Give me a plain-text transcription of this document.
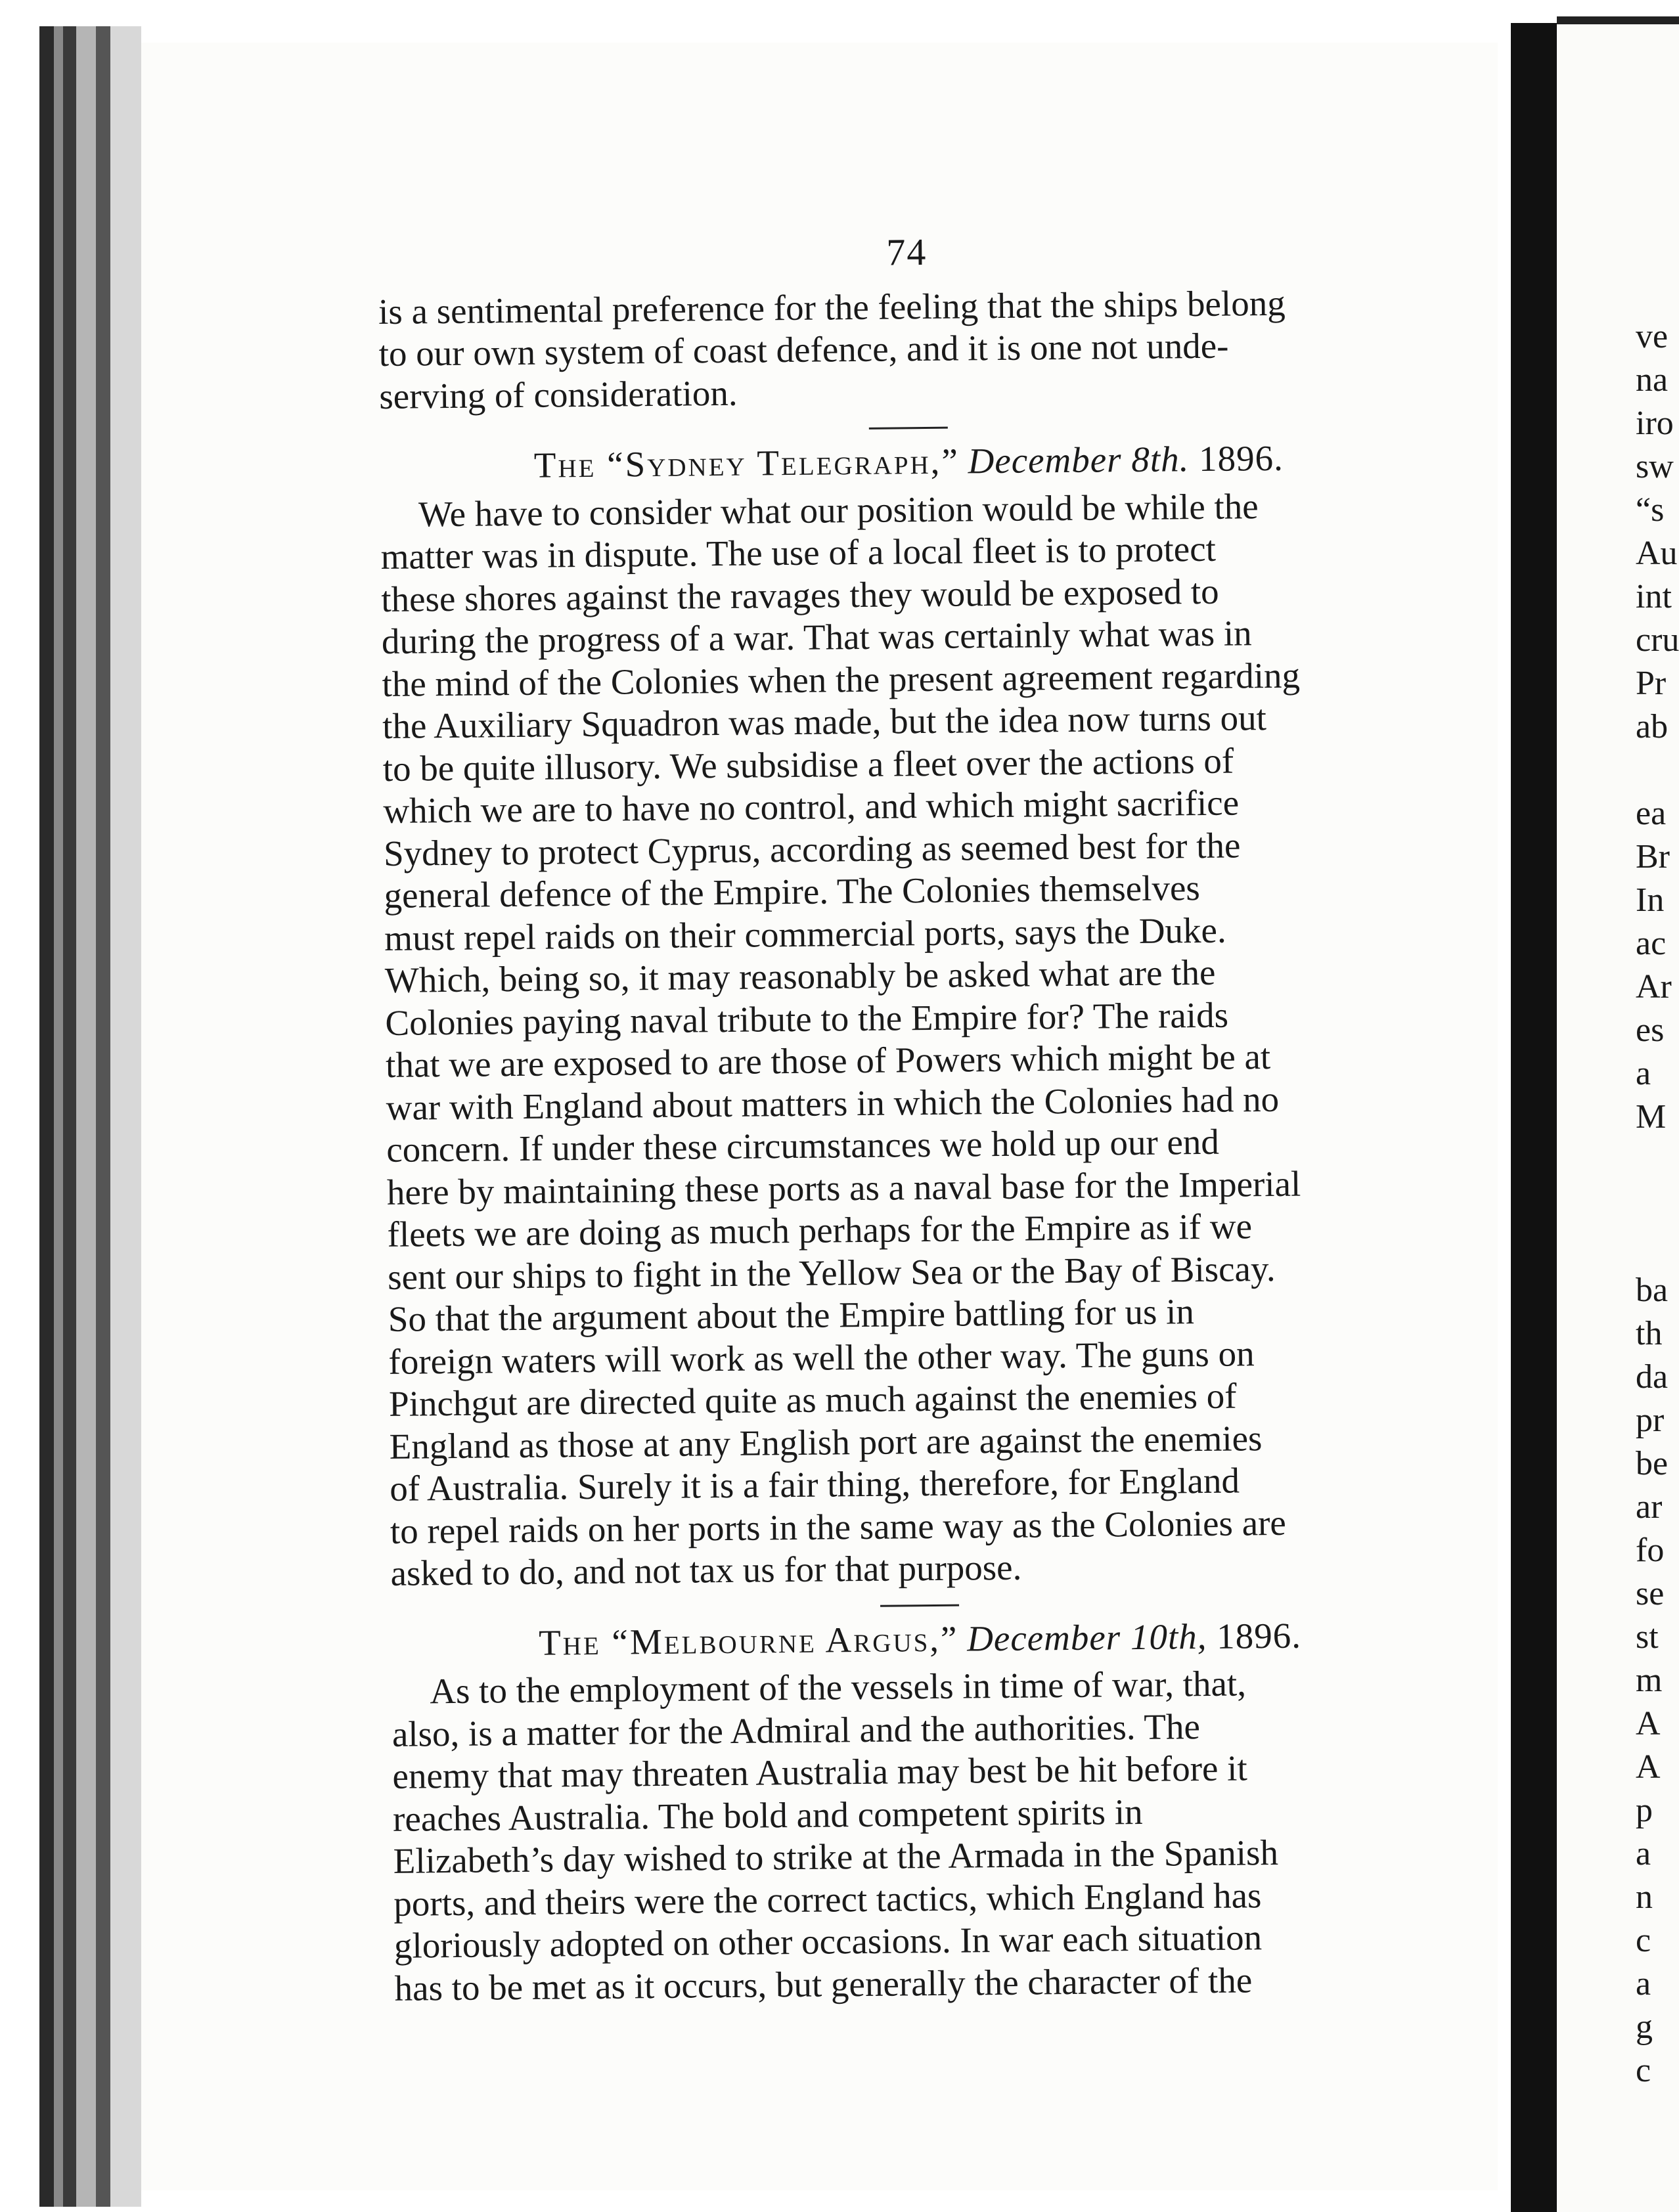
74
is a sentimental preference for the feeling that the ships belong
to our own system of coast defence, and it is one not unde-
serving of consideration.
The “Sydney Telegraph,” December 8th. 1896.
We have to consider what our position would be while the
matter was in dispute. The use of a local fleet is to protect
these shores against the ravages they would be exposed to
during the progress of a war. That was certainly what was in
the mind of the Colonies when the present agreement regarding
the Auxiliary Squadron was made, but the idea now turns out
to be quite illusory. We subsidise a fleet over the actions of
which we are to have no control, and which might sacrifice
Sydney to protect Cyprus, according as seemed best for the
general defence of the Empire. The Colonies themselves
must repel raids on their commercial ports, says the Duke.
Which, being so, it may reasonably be asked what are the
Colonies paying naval tribute to the Empire for? The raids
that we are exposed to are those of Powers which might be at
war with England about matters in which the Colonies had no
concern. If under these circumstances we hold up our end
here by maintaining these ports as a naval base for the Imperial
fleets we are doing as much perhaps for the Empire as if we
sent our ships to fight in the Yellow Sea or the Bay of Biscay.
So that the argument about the Empire battling for us in
foreign waters will work as well the other way. The guns on
Pinchgut are directed quite as much against the enemies of
England as those at any English port are against the enemies
of Australia. Surely it is a fair thing, therefore, for England
to repel raids on her ports in the same way as the Colonies are
asked to do, and not tax us for that purpose.
The “Melbourne Argus,” December 10th, 1896.
As to the employment of the vessels in time of war, that,
also, is a matter for the Admiral and the authorities. The
enemy that may threaten Australia may best be hit before it
reaches Australia. The bold and competent spirits in
Elizabeth’s day wished to strike at the Armada in the Spanish
ports, and theirs were the correct tactics, which England has
gloriously adopted on other occasions. In war each situation
has to be met as it occurs, but generally the character of the
ve
na
iro
sw
“s
Au
int
cru
Pr
ab
ea
Br
In
ac
Ar
es
a
M
ba
th
da
pr
be
ar
fo
se
st
m
A
A
p
a
n
c
a
g
c
